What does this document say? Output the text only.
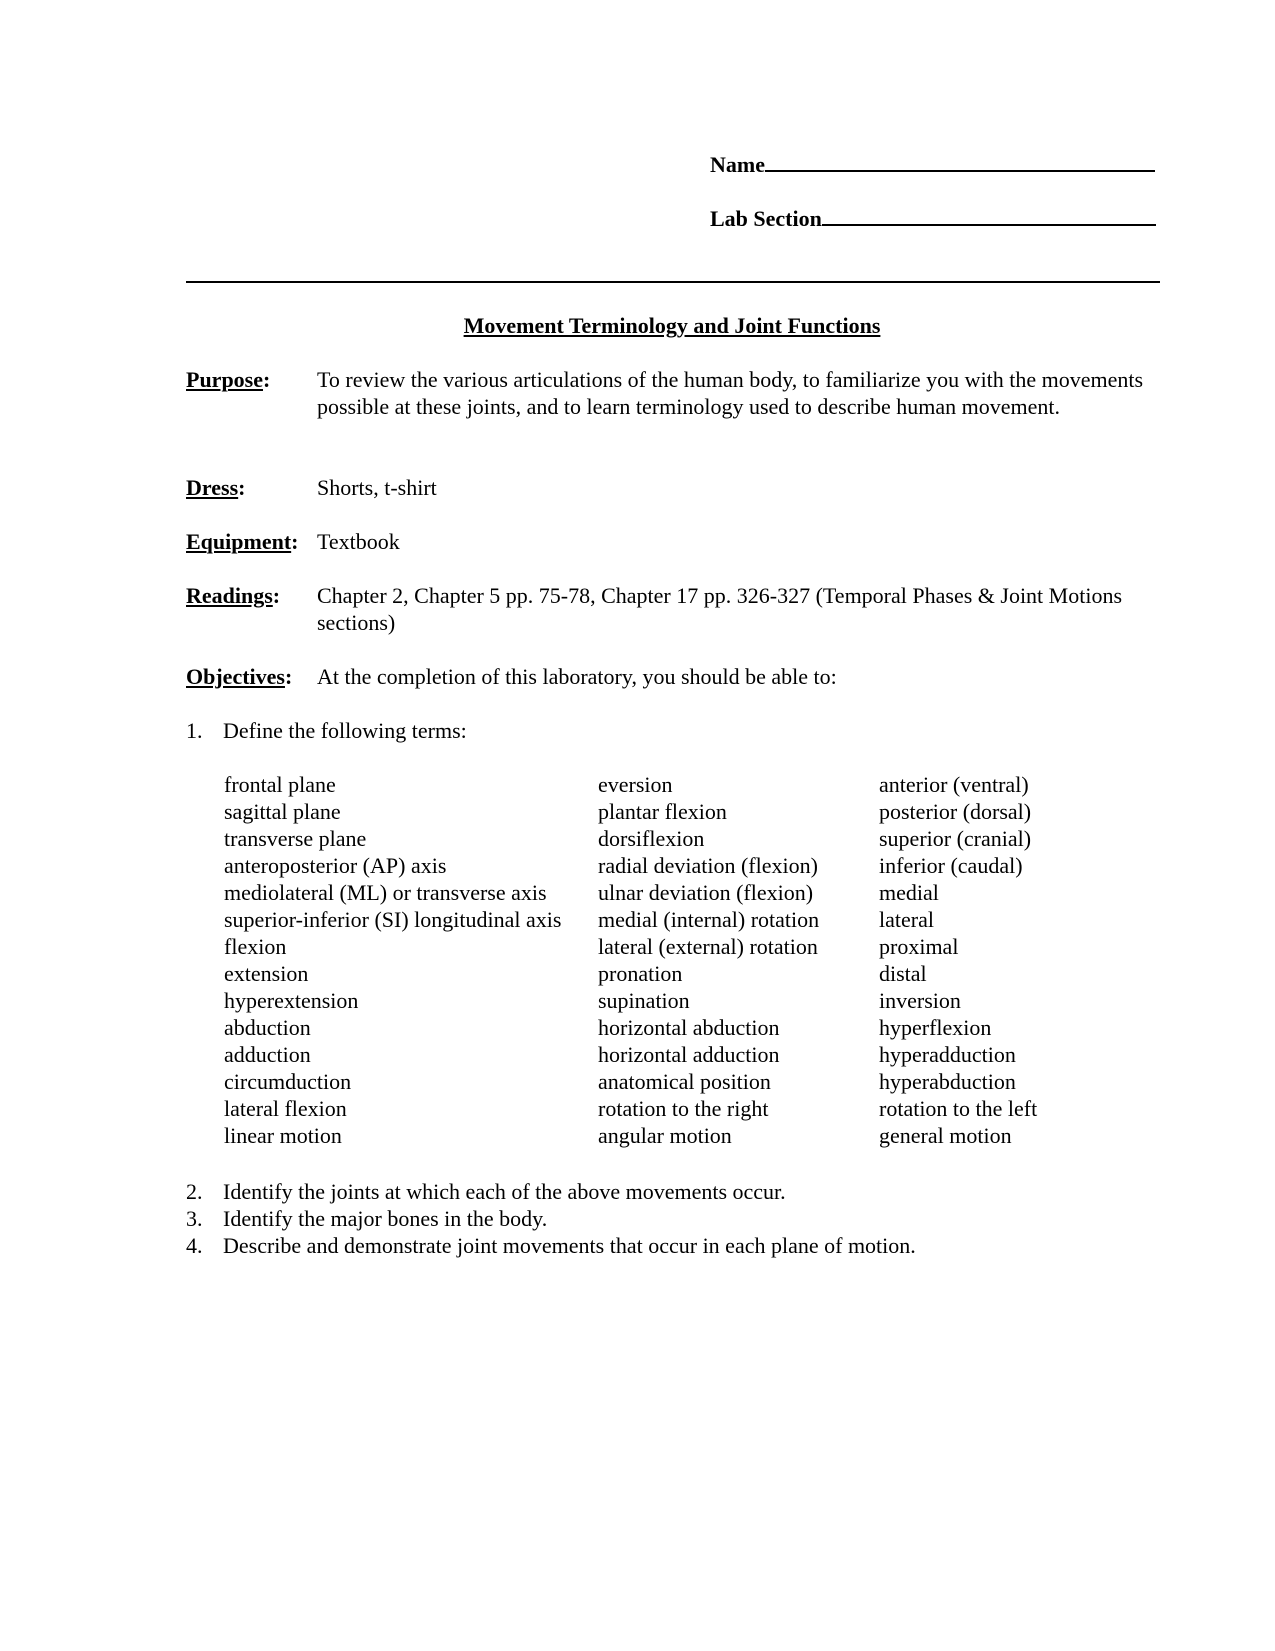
Name
Lab Section
Movement Terminology and Joint Functions
Purpose: To review the various articulations of the human body, to familiarize you with the movements possible at these joints, and to learn terminology used to describe human movement.
Dress:	Shorts, t-shirt
Equipment: Textbook
Readings: Chapter 2, Chapter 5 pp. 75-78, Chapter 17 pp. 326-327 (Temporal Phases & Joint Motions sections)
Objectives: At the completion of this laboratory, you should be able to:
1. Define the following terms:
frontal plane
sagittal plane
transverse plane
anteroposterior (AP) axis
mediolateral (ML) or transverse axis
superior-inferior (SI) longitudinal axis
flexion
extension
hyperextension
abduction
adduction
circumduction
lateral flexion
linear motion
eversion
plantar flexion
dorsiflexion
radial deviation (flexion)
ulnar deviation (flexion)
medial (internal) rotation
lateral (external) rotation
pronation
supination
horizontal abduction
horizontal adduction
anatomical position
rotation to the right
angular motion
anterior (ventral)
posterior (dorsal)
superior (cranial)
inferior (caudal)
medial
lateral
proximal
distal
inversion
hyperflexion
hyperadduction
hyperabduction
rotation to the left
general motion
2. Identify the joints at which each of the above movements occur.
3. Identify the major bones in the body.
4. Describe and demonstrate joint movements that occur in each plane of motion.
